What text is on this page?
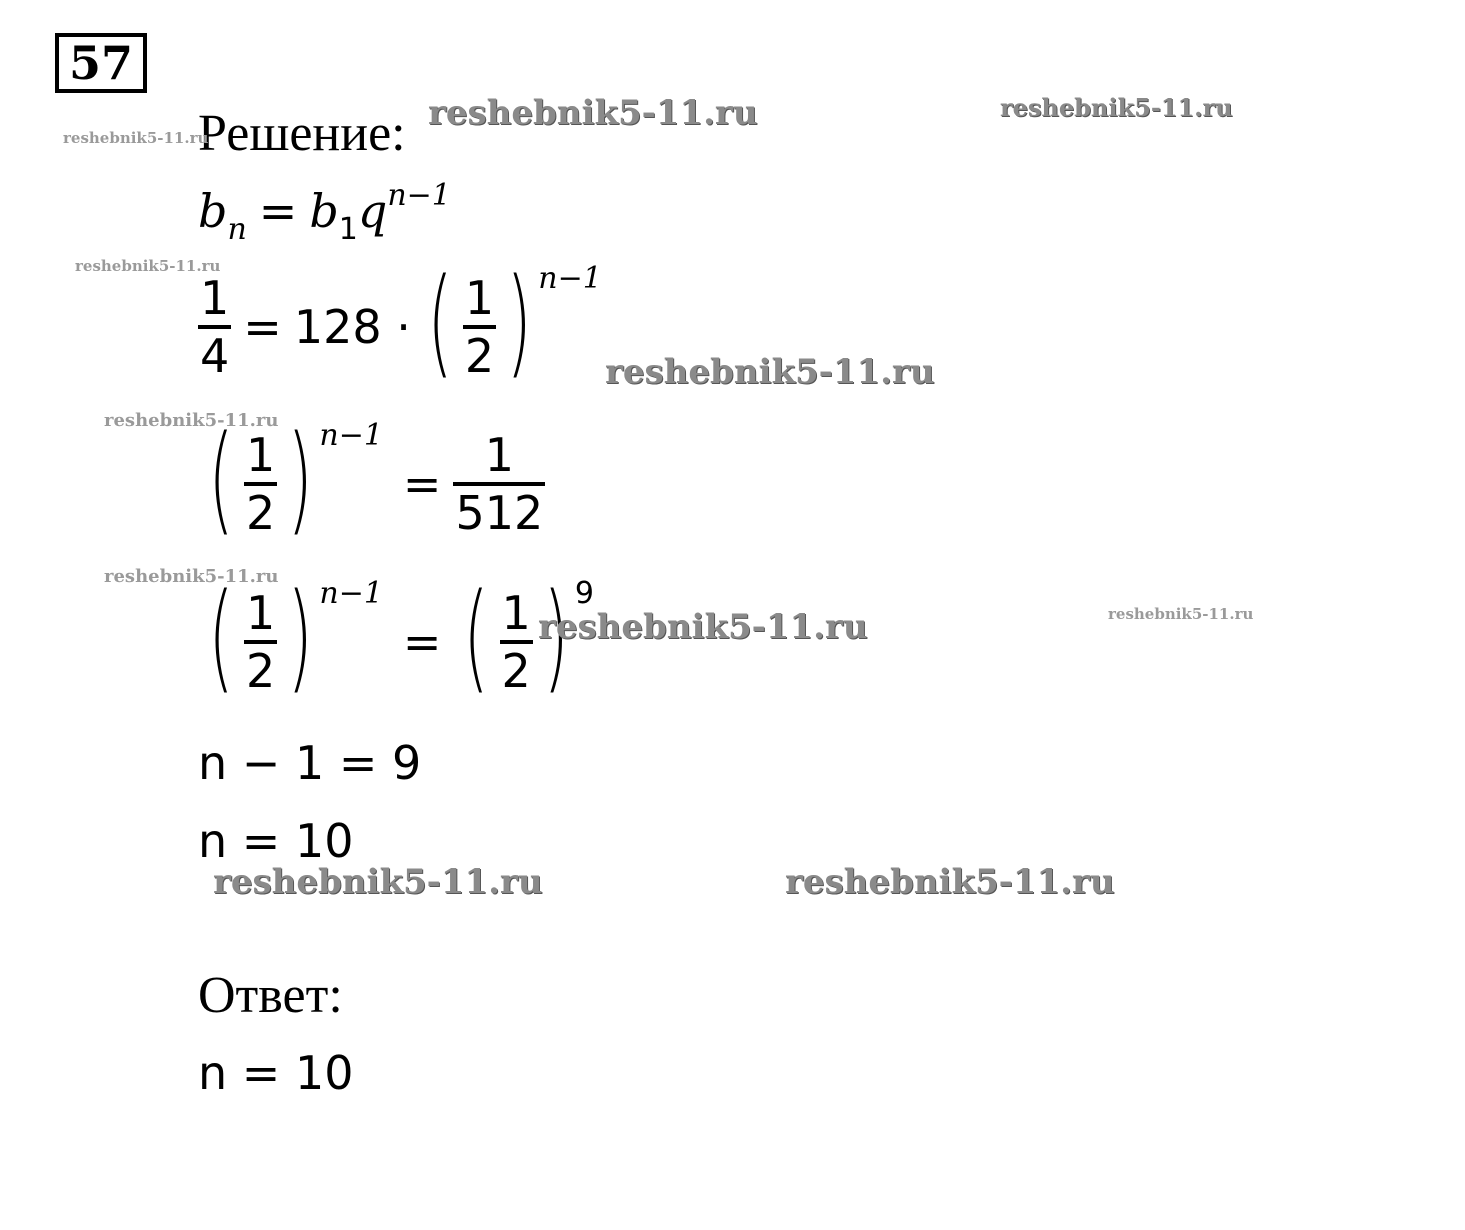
57
Решение:
$b_n = b_1q^{n-1}$
$\frac{1}{4} = 128$ · ( $\frac{1}{2}$ ) n−1
( $\frac{1}{2}$ ) n−1
= $\frac{1}{512}$
( $\frac{1}{2}$ ) n−1
= ( $\frac{1}{2}$ ) 9
n − 1 = 9
n = 10
Ответ:
n = 10
reshebnik5-11.ru	reshebnik5-11.ru
reshebnik5-11.ru
reshebnik5-11.ru
reshebnik5-11.ru
reshebnik5-11.ru
reshebnik5-11.ru
reshebnik5-11.ru	reshebnik5-11.ru
reshebnik5-11.ru	reshebnik5-11.ru
